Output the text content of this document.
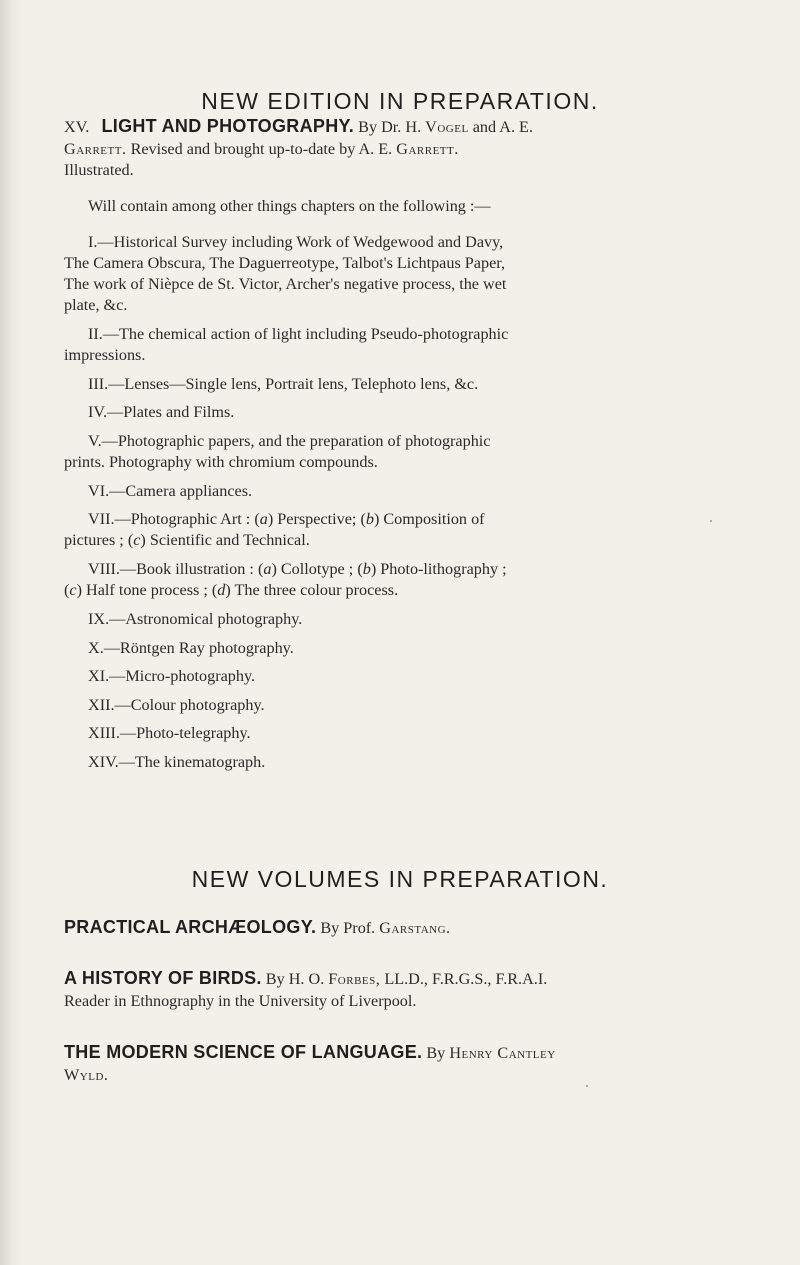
NEW EDITION IN PREPARATION.
XV. LIGHT AND PHOTOGRAPHY. By Dr. H. Vogel and A. E.
Garrett. Revised and brought up-to-date by A. E. Garrett.
Illustrated.
Will contain among other things chapters on the following :—
I.—Historical Survey including Work of Wedgewood and Davy,
The Camera Obscura, The Daguerreotype, Talbot's Lichtpaus Paper,
The work of Nièpce de St. Victor, Archer's negative process, the wet
plate, &c.
II.—The chemical action of light including Pseudo-photographic
impressions.
III.—Lenses—Single lens, Portrait lens, Telephoto lens, &c.
IV.—Plates and Films.
V.—Photographic papers, and the preparation of photographic
prints. Photography with chromium compounds.
VI.—Camera appliances.
VII.—Photographic Art : (a) Perspective; (b) Composition of
pictures ; (c) Scientific and Technical.
VIII.—Book illustration : (a) Collotype ; (b) Photo-lithography ;
(c) Half tone process ; (d) The three colour process.
IX.—Astronomical photography.
X.—Röntgen Ray photography.
XI.—Micro-photography.
XII.—Colour photography.
XIII.—Photo-telegraphy.
XIV.—The kinematograph.
NEW VOLUMES IN PREPARATION.
PRACTICAL ARCHÆOLOGY. By Prof. Garstang.
A HISTORY OF BIRDS. By H. O. Forbes, LL.D., F.R.G.S., F.R.A.I.
Reader in Ethnography in the University of Liverpool.
THE MODERN SCIENCE OF LANGUAGE. By Henry Cantley
Wyld.
